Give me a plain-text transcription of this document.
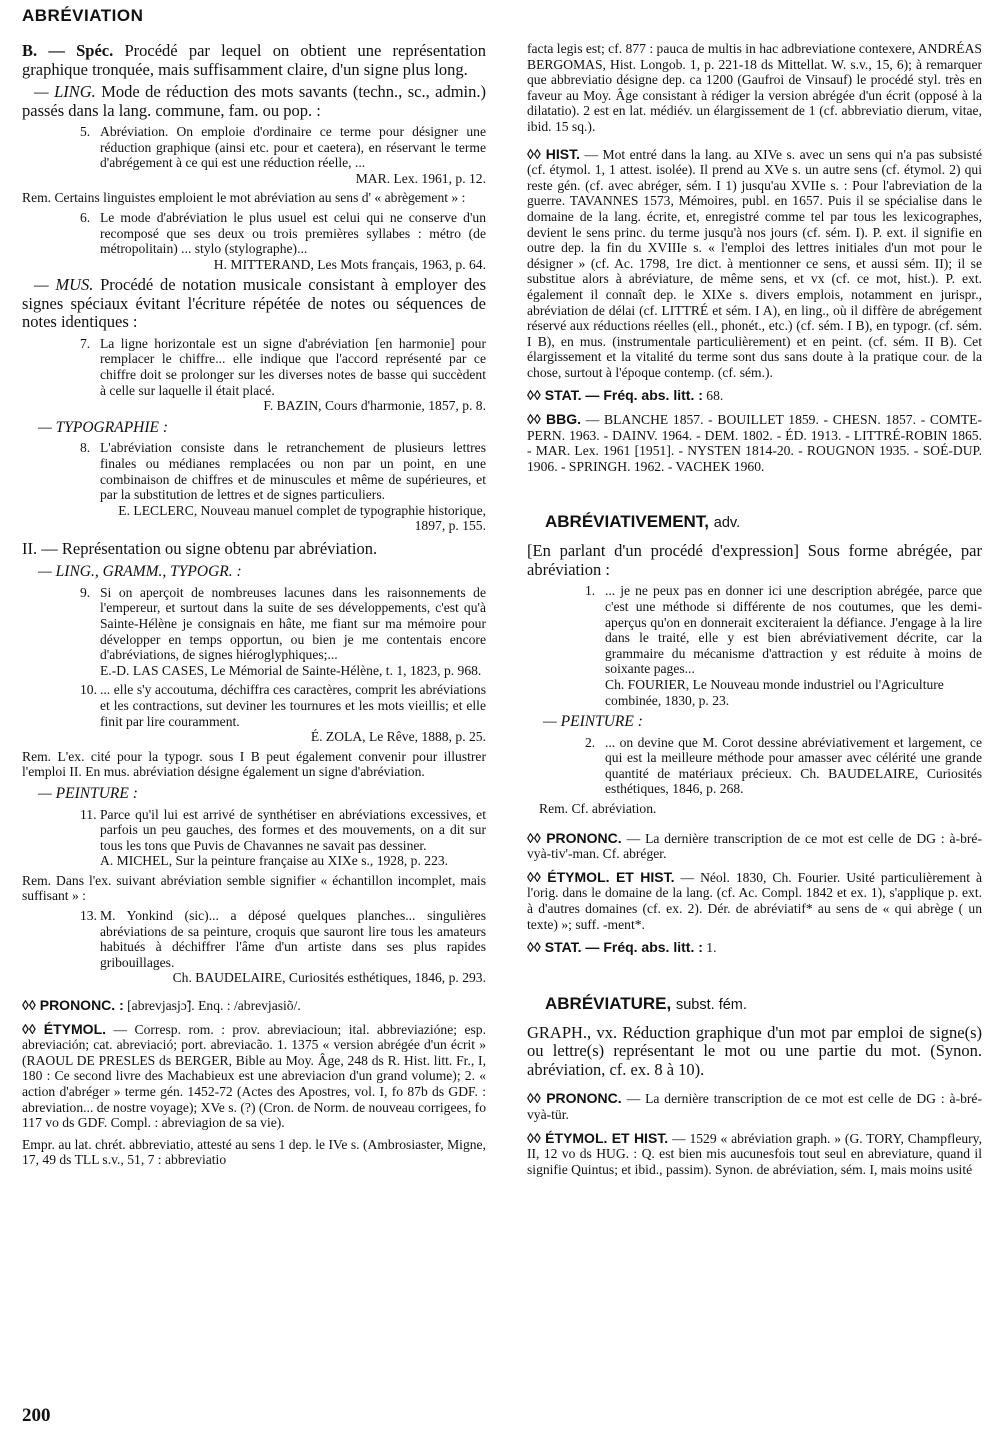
ABRÉVIATION

B. — Spéc. Procédé par lequel on obtient une représentation graphique tronquée, mais suffisamment claire, d'un signe plus long.

— LING. Mode de réduction des mots savants (techn., sc., admin.) passés dans la lang. commune, fam. ou pop. :

5. Abréviation. On emploie d'ordinaire ce terme pour désigner une réduction graphique (ainsi etc. pour et caetera), en réservant le terme d'abrégement à ce qui est une réduction réelle, ...
MAR. Lex. 1961, p. 12.

Rem. Certains linguistes emploient le mot abréviation au sens d' « abrègement » :

6. Le mode d'abréviation le plus usuel est celui qui ne conserve d'un recomposé que ses deux ou trois premières syllabes : métro (de métropolitain) ... stylo (stylographe)...
H. MITTERAND, Les Mots français, 1963, p. 64.

— MUS. Procédé de notation musicale consistant à employer des signes spéciaux évitant l'écriture répétée de notes ou séquences de notes identiques :

7. La ligne horizontale est un signe d'abréviation [en harmonie] pour remplacer le chiffre... elle indique que l'accord représenté par ce chiffre doit se prolonger sur les diverses notes de basse qui succèdent à celle sur laquelle il était placé.
F. BAZIN, Cours d'harmonie, 1857, p. 8.

— TYPOGRAPHIE :

8. L'abréviation consiste dans le retranchement de plusieurs lettres finales ou médianes remplacées ou non par un point, en une combinaison de chiffres et de minuscules et même de supérieures, et par la substitution de lettres et de signes particuliers.
E. LECLERC, Nouveau manuel complet de typographie historique, 1897, p. 155.

II. — Représentation ou signe obtenu par abréviation.

— LING., GRAMM., TYPOGR. :

9. Si on aperçoit de nombreuses lacunes dans les raisonnements de l'empereur, et surtout dans la suite de ses développements, c'est qu'à Sainte-Hélène je consignais en hâte, me fiant sur ma mémoire pour développer en temps opportun, ou bien je me contentais encore d'abréviations, de signes hiéroglyphiques;...
E.-D. LAS CASES, Le Mémorial de Sainte-Hélène, t. 1, 1823, p. 968.

10. ... elle s'y accoutuma, déchiffra ces caractères, comprit les abréviations et les contractions, sut deviner les tournures et les mots vieillis; et elle finit par lire couramment.
É. ZOLA, Le Rêve, 1888, p. 25.

Rem. L'ex. cité pour la typogr. sous I B peut également convenir pour illustrer l'emploi II. En mus. abréviation désigne également un signe d'abréviation.

— PEINTURE :

11. Parce qu'il lui est arrivé de synthétiser en abréviations excessives, et parfois un peu gauches, des formes et des mouvements, on a dit sur tous les tons que Puvis de Chavannes ne savait pas dessiner.
A. MICHEL, Sur la peinture française au XIXe s., 1928, p. 223.

Rem. Dans l'ex. suivant abréviation semble signifier « échantillon incomplet, mais suffisant » :

13. M. Yonkind (sic)... a déposé quelques planches... singulières abréviations de sa peinture, croquis que sauront lire tous les amateurs habitués à déchiffrer l'âme d'un artiste dans ses plus rapides gribouillages.
Ch. BAUDELAIRE, Curiosités esthétiques, 1846, p. 293.

◊◊ PRONONC. : [abrevjasjɔ̃]. Enq. : /abrevjasiõ/.

◊◊ ÉTYMOL. — Corresp. rom. : prov. abreviacioun; ital. abbreviazióne; esp. abreviación; cat. abreviació; port. abreviacão. 1. 1375 « version abrégée d'un écrit » (RAOUL DE PRESLES ds BERGER, Bible au Moy. Âge, 248 ds R. Hist. litt. Fr., I, 180 : Ce second livre des Machabieux est une abreviacion d'un grand volume); 2. « action d'abréger » terme gén. 1452-72 (Actes des Apostres, vol. I, fo 87b ds GDF. : abreviation... de nostre voyage); XVe s. (?) (Cron. de Norm. de nouveau corrigees, fo 117 vo ds GDF. Compl. : abreviagion de sa vie).

Empr. au lat. chrét. abbreviatio, attesté au sens 1 dep. le IVe s. (Ambrosiaster, Migne, 17, 49 ds TLL s.v., 51, 7 : abbreviatio

facta legis est; cf. 877 : pauca de multis in hac adbreviatione contexere, ANDRÉAS BERGOMAS, Hist. Longob. 1, p. 221-18 ds Mittellat. W. s.v., 15, 6); à remarquer que abbreviatio désigne dep. ca 1200 (Gaufroi de Vinsauf) le procédé styl. très en faveur au Moy. Âge consistant à rédiger la version abrégée d'un écrit (opposé à la dilatatio). 2 est en lat. médiév. un élargissement de 1 (cf. abbreviatio dierum, vitae, ibid. 15 sq.).

◊◊ HIST. — Mot entré dans la lang. au XIVe s. avec un sens qui n'a pas subsisté (cf. étymol. 1, 1 attest. isolée). Il prend au XVe s. un autre sens (cf. étymol. 2) qui reste gén. (cf. avec abréger, sém. I 1) jusqu'au XVIIe s. : Pour l'abreviation de la guerre. TAVANNES 1573, Mémoires, publ. en 1657. Puis il se spécialise dans le domaine de la lang. écrite, et, enregistré comme tel par tous les lexicographes, devient le sens princ. du terme jusqu'à nos jours (cf. sém. I). P. ext. il signifie en outre dep. la fin du XVIIIe s. « l'emploi des lettres initiales d'un mot pour le désigner » (cf. Ac. 1798, 1re dict. à mentionner ce sens, et aussi sém. II); il se substitue alors à abréviature, de même sens, et vx (cf. ce mot, hist.). P. ext. également il connaît dep. le XIXe s. divers emplois, notamment en jurispr., abréviation de délai (cf. LITTRÉ et sém. I A), en ling., où il diffère de abrégement réservé aux réductions réelles (ell., phonét., etc.) (cf. sém. I B), en typogr. (cf. sém. I B), en mus. (instrumentale particulièrement) et en peint. (cf. sém. II B). Cet élargissement et la vitalité du terme sont dus sans doute à la pratique cour. de la chose, surtout à l'époque contemp. (cf. sém.).

◊◊ STAT. — Fréq. abs. litt. : 68.

◊◊ BBG. — BLANCHE 1857. - BOUILLET 1859. - CHESN. 1857. - COMTE-PERN. 1963. - DAINV. 1964. - DEM. 1802. - ÉD. 1913. - LITTRÉ-ROBIN 1865. - MAR. Lex. 1961 [1951]. - NYSTEN 1814-20. - ROUGNON 1935. - SOÉ-DUP. 1906. - SPRINGH. 1962. - VACHEK 1960.

ABRÉVIATIVEMENT, adv.

[En parlant d'un procédé d'expression] Sous forme abrégée, par abréviation :

1. ... je ne peux pas en donner ici une description abrégée, parce que c'est une méthode si différente de nos coutumes, que les demi-aperçus qu'on en donnerait exciteraient la défiance. J'engage à la lire dans le traité, elle y est bien abréviativement décrite, car la grammaire du mécanisme d'attraction y est réduite à moins de soixante pages...
Ch. FOURIER, Le Nouveau monde industriel ou l'Agriculture combinée, 1830, p. 23.

— PEINTURE :

2. ... on devine que M. Corot dessine abréviativement et largement, ce qui est la meilleure méthode pour amasser avec célérité une grande quantité de matériaux précieux. Ch. BAUDELAIRE, Curiosités esthétiques, 1846, p. 268.

Rem. Cf. abréviation.

◊◊ PRONONC. — La dernière transcription de ce mot est celle de DG : à-bré-vyà-tiv'-man. Cf. abréger.

◊◊ ÉTYMOL. ET HIST. — Néol. 1830, Ch. Fourier. Usité particulièrement à l'orig. dans le domaine de la lang. (cf. Ac. Compl. 1842 et ex. 1), s'applique p. ext. à d'autres domaines (cf. ex. 2). Dér. de abréviatif* au sens de « qui abrège ( un texte) »; suff. -ment*.

◊◊ STAT. — Fréq. abs. litt. : 1.

ABRÉVIATURE, subst. fém.

GRAPH., vx. Réduction graphique d'un mot par emploi de signe(s) ou lettre(s) représentant le mot ou une partie du mot. (Synon. abréviation, cf. ex. 8 à 10).

◊◊ PRONONC. — La dernière transcription de ce mot est celle de DG : à-bré-vyà-tür.

◊◊ ÉTYMOL. ET HIST. — 1529 « abréviation graph. » (G. TORY, Champfleury, II, 12 vo ds HUG. : Q. est bien mis aucunesfois tout seul en abreviature, quand il signifie Quintus; et ibid., passim). Synon. de abréviation, sém. I, mais moins usité

200
